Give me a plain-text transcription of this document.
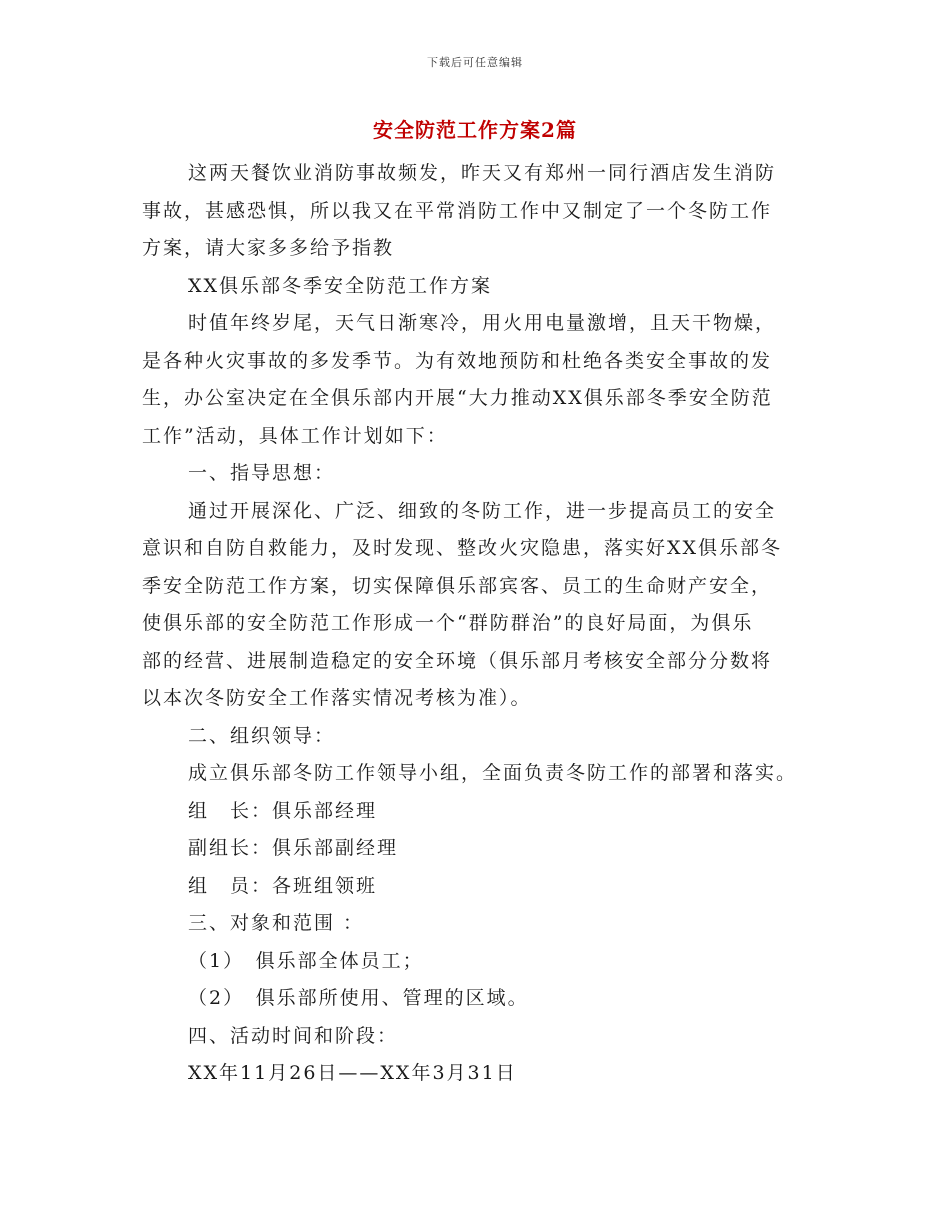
下载后可任意编辑
安全防范工作方案2篇
这两天餐饮业消防事故频发，昨天又有郑州一同行酒店发生消防
事故，甚感恐惧，所以我又在平常消防工作中又制定了一个冬防工作
方案，请大家多多给予指教
XX俱乐部冬季安全防范工作方案
时值年终岁尾，天气日渐寒冷，用火用电量激增，且天干物燥，
是各种火灾事故的多发季节。为有效地预防和杜绝各类安全事故的发
生，办公室决定在全俱乐部内开展“大力推动XX俱乐部冬季安全防范
工作”活动，具体工作计划如下：
一、指导思想：
通过开展深化、广泛、细致的冬防工作，进一步提高员工的安全
意识和自防自救能力，及时发现、整改火灾隐患，落实好XX俱乐部冬
季安全防范工作方案，切实保障俱乐部宾客、员工的生命财产安全，
使俱乐部的安全防范工作形成一个“群防群治”的良好局面，为俱乐
部的经营、进展制造稳定的安全环境（俱乐部月考核安全部分分数将
以本次冬防安全工作落实情况考核为准）。
二、组织领导：
成立俱乐部冬防工作领导小组，全面负责冬防工作的部署和落实。
组　长：俱乐部经理
副组长：俱乐部副经理
组　员：各班组领班
三、对象和范围 ：
（1）　俱乐部全体员工；
（2）　俱乐部所使用、管理的区域。
四、活动时间和阶段：
XX年11月26日——XX年3月31日
